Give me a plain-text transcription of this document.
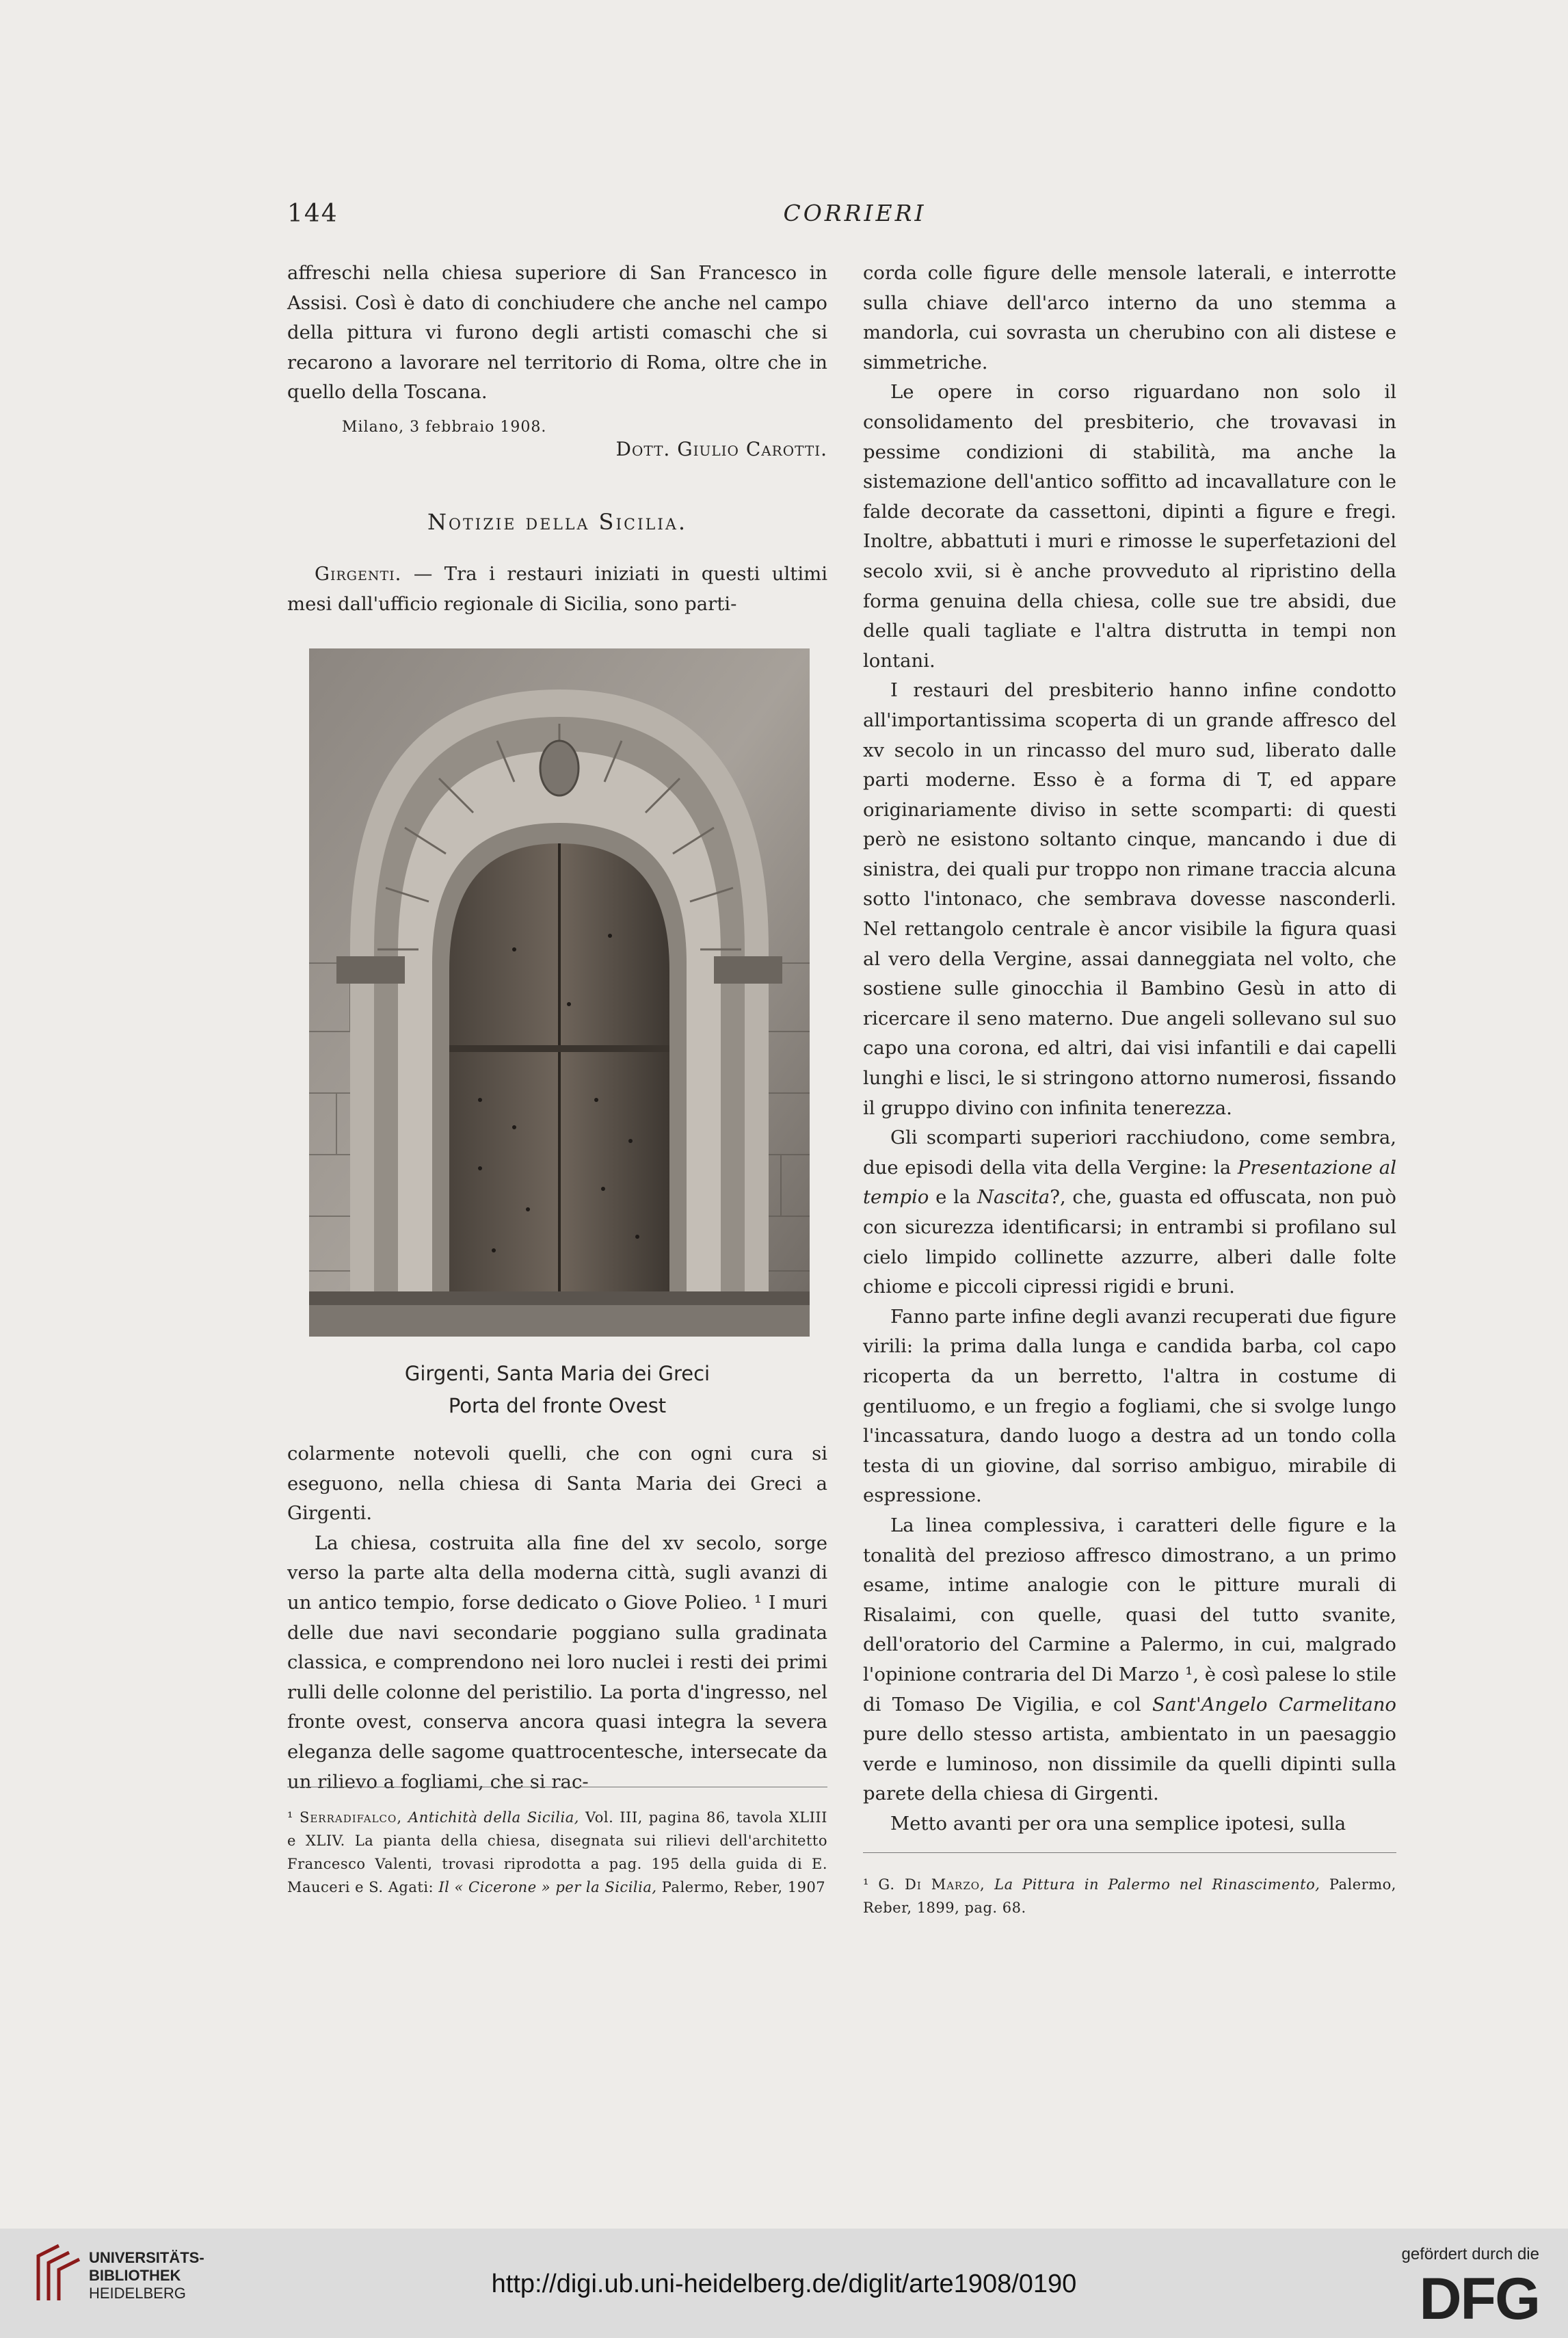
144	CORRIERI

affreschi nella chiesa superiore di San Francesco in Assisi. Così è dato di conchiudere che anche nel campo della pittura vi furono degli artisti comaschi che si recarono a lavorare nel territorio di Roma, oltre che in quello della Toscana.

Milano, 3 febbraio 1908.
Dott. Giulio Carotti.
Notizie della Sicilia.

Girgenti. — Tra i restauri iniziati in questi ultimi mesi dall'ufficio regionale di Sicilia, sono parti-

Girgenti, Santa Maria dei Greci
Porta del fronte Ovest

colarmente notevoli quelli, che con ogni cura si eseguono, nella chiesa di Santa Maria dei Greci a Girgenti.

La chiesa, costruita alla fine del xv secolo, sorge verso la parte alta della moderna città, sugli avanzi di un antico tempio, forse dedicato o Giove Polieo. ¹ I muri delle due navi secondarie poggiano sulla gradinata classica, e comprendono nei loro nuclei i resti dei primi rulli delle colonne del peristilio. La porta d'ingresso, nel fronte ovest, conserva ancora quasi integra la severa eleganza delle sagome quattrocentesche, intersecate da un rilievo a fogliami, che si rac-

¹ Serradifalco, Antichità della Sicilia, Vol. III, pagina 86, tavola XLIII e XLIV. La pianta della chiesa, disegnata sui rilievi dell'architetto Francesco Valenti, trovasi riprodotta a pag. 195 della guida di E. Mauceri e S. Agati: Il « Cicerone » per la Sicilia, Palermo, Reber, 1907

corda colle figure delle mensole laterali, e interrotte sulla chiave dell'arco interno da uno stemma a mandorla, cui sovrasta un cherubino con ali distese e simmetriche.

Le opere in corso riguardano non solo il consolidamento del presbiterio, che trovavasi in pessime condizioni di stabilità, ma anche la sistemazione dell'antico soffitto ad incavallature con le falde decorate da cassettoni, dipinti a figure e fregi. Inoltre, abbattuti i muri e rimosse le superfetazioni del secolo xvii, si è anche provveduto al ripristino della forma genuina della chiesa, colle sue tre absidi, due delle quali tagliate e l'altra distrutta in tempi non lontani.

I restauri del presbiterio hanno infine condotto all'importantissima scoperta di un grande affresco del xv secolo in un rincasso del muro sud, liberato dalle parti moderne. Esso è a forma di T, ed appare originariamente diviso in sette scomparti: di questi però ne esistono soltanto cinque, mancando i due di sinistra, dei quali pur troppo non rimane traccia alcuna sotto l'intonaco, che sembrava dovesse nasconderli. Nel rettangolo centrale è ancor visibile la figura quasi al vero della Vergine, assai danneggiata nel volto, che sostiene sulle ginocchia il Bambino Gesù in atto di ricercare il seno materno. Due angeli sollevano sul suo capo una corona, ed altri, dai visi infantili e dai capelli lunghi e lisci, le si stringono attorno numerosi, fissando il gruppo divino con infinita tenerezza.

Gli scomparti superiori racchiudono, come sembra, due episodi della vita della Vergine: la Presentazione al tempio e la Nascita?, che, guasta ed offuscata, non può con sicurezza identificarsi; in entrambi si profilano sul cielo limpido collinette azzurre, alberi dalle folte chiome e piccoli cipressi rigidi e bruni.

Fanno parte infine degli avanzi recuperati due figure virili: la prima dalla lunga e candida barba, col capo ricoperta da un berretto, l'altra in costume di gentiluomo, e un fregio a fogliami, che si svolge lungo l'incassatura, dando luogo a destra ad un tondo colla testa di un giovine, dal sorriso ambiguo, mirabile di espressione.

La linea complessiva, i caratteri delle figure e la tonalità del prezioso affresco dimostrano, a un primo esame, intime analogie con le pitture murali di Risalaimi, con quelle, quasi del tutto svanite, dell'oratorio del Carmine a Palermo, in cui, malgrado l'opinione contraria del Di Marzo ¹, è così palese lo stile di Tomaso De Vigilia, e col Sant'Angelo Carmelitano pure dello stesso artista, ambientato in un paesaggio verde e luminoso, non dissimile da quelli dipinti sulla parete della chiesa di Girgenti.

Metto avanti per ora una semplice ipotesi, sulla

¹ G. Di Marzo, La Pittura in Palermo nel Rinascimento, Palermo, Reber, 1899, pag. 68.
UNIVERSITÄTS-
BIBLIOTHEK
HEIDELBERG	http://digi.ub.uni-heidelberg.de/diglit/arte1908/0190
gefördert durch die
DFG
